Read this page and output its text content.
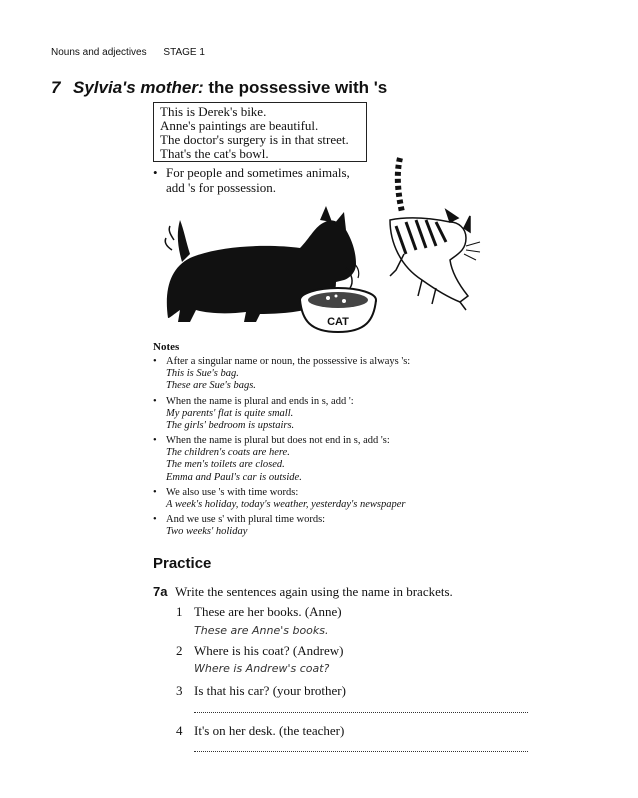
Nouns and adjectives STAGE 1
7 Sylvia's mother: the possessive with 's
This is Derek's bike.
Anne's paintings are beautiful.
The doctor's surgery is in that street.
That's the cat's bowl.
• For people and sometimes animals,
add 's for possession.
CAT
Notes
• After a singular name or noun, the possessive is always 's:
This is Sue's bag.
These are Sue's bags.
• When the name is plural and ends in s, add ':
My parents' flat is quite small.
The girls' bedroom is upstairs.
• When the name is plural but does not end in s, add 's:
The children's coats are here.
The men's toilets are closed.
Emma and Paul's car is outside.
• We also use 's with time words:
A week's holiday, today's weather, yesterday's newspaper
• And we use s' with plural time words:
Two weeks' holiday
Practice
7a Write the sentences again using the name in brackets.
1 These are her books. (Anne)
These are Anne's books.
2 Where is his coat? (Andrew)
Where is Andrew's coat?
3 Is that his car? (your brother)
4 It's on her desk. (the teacher)
